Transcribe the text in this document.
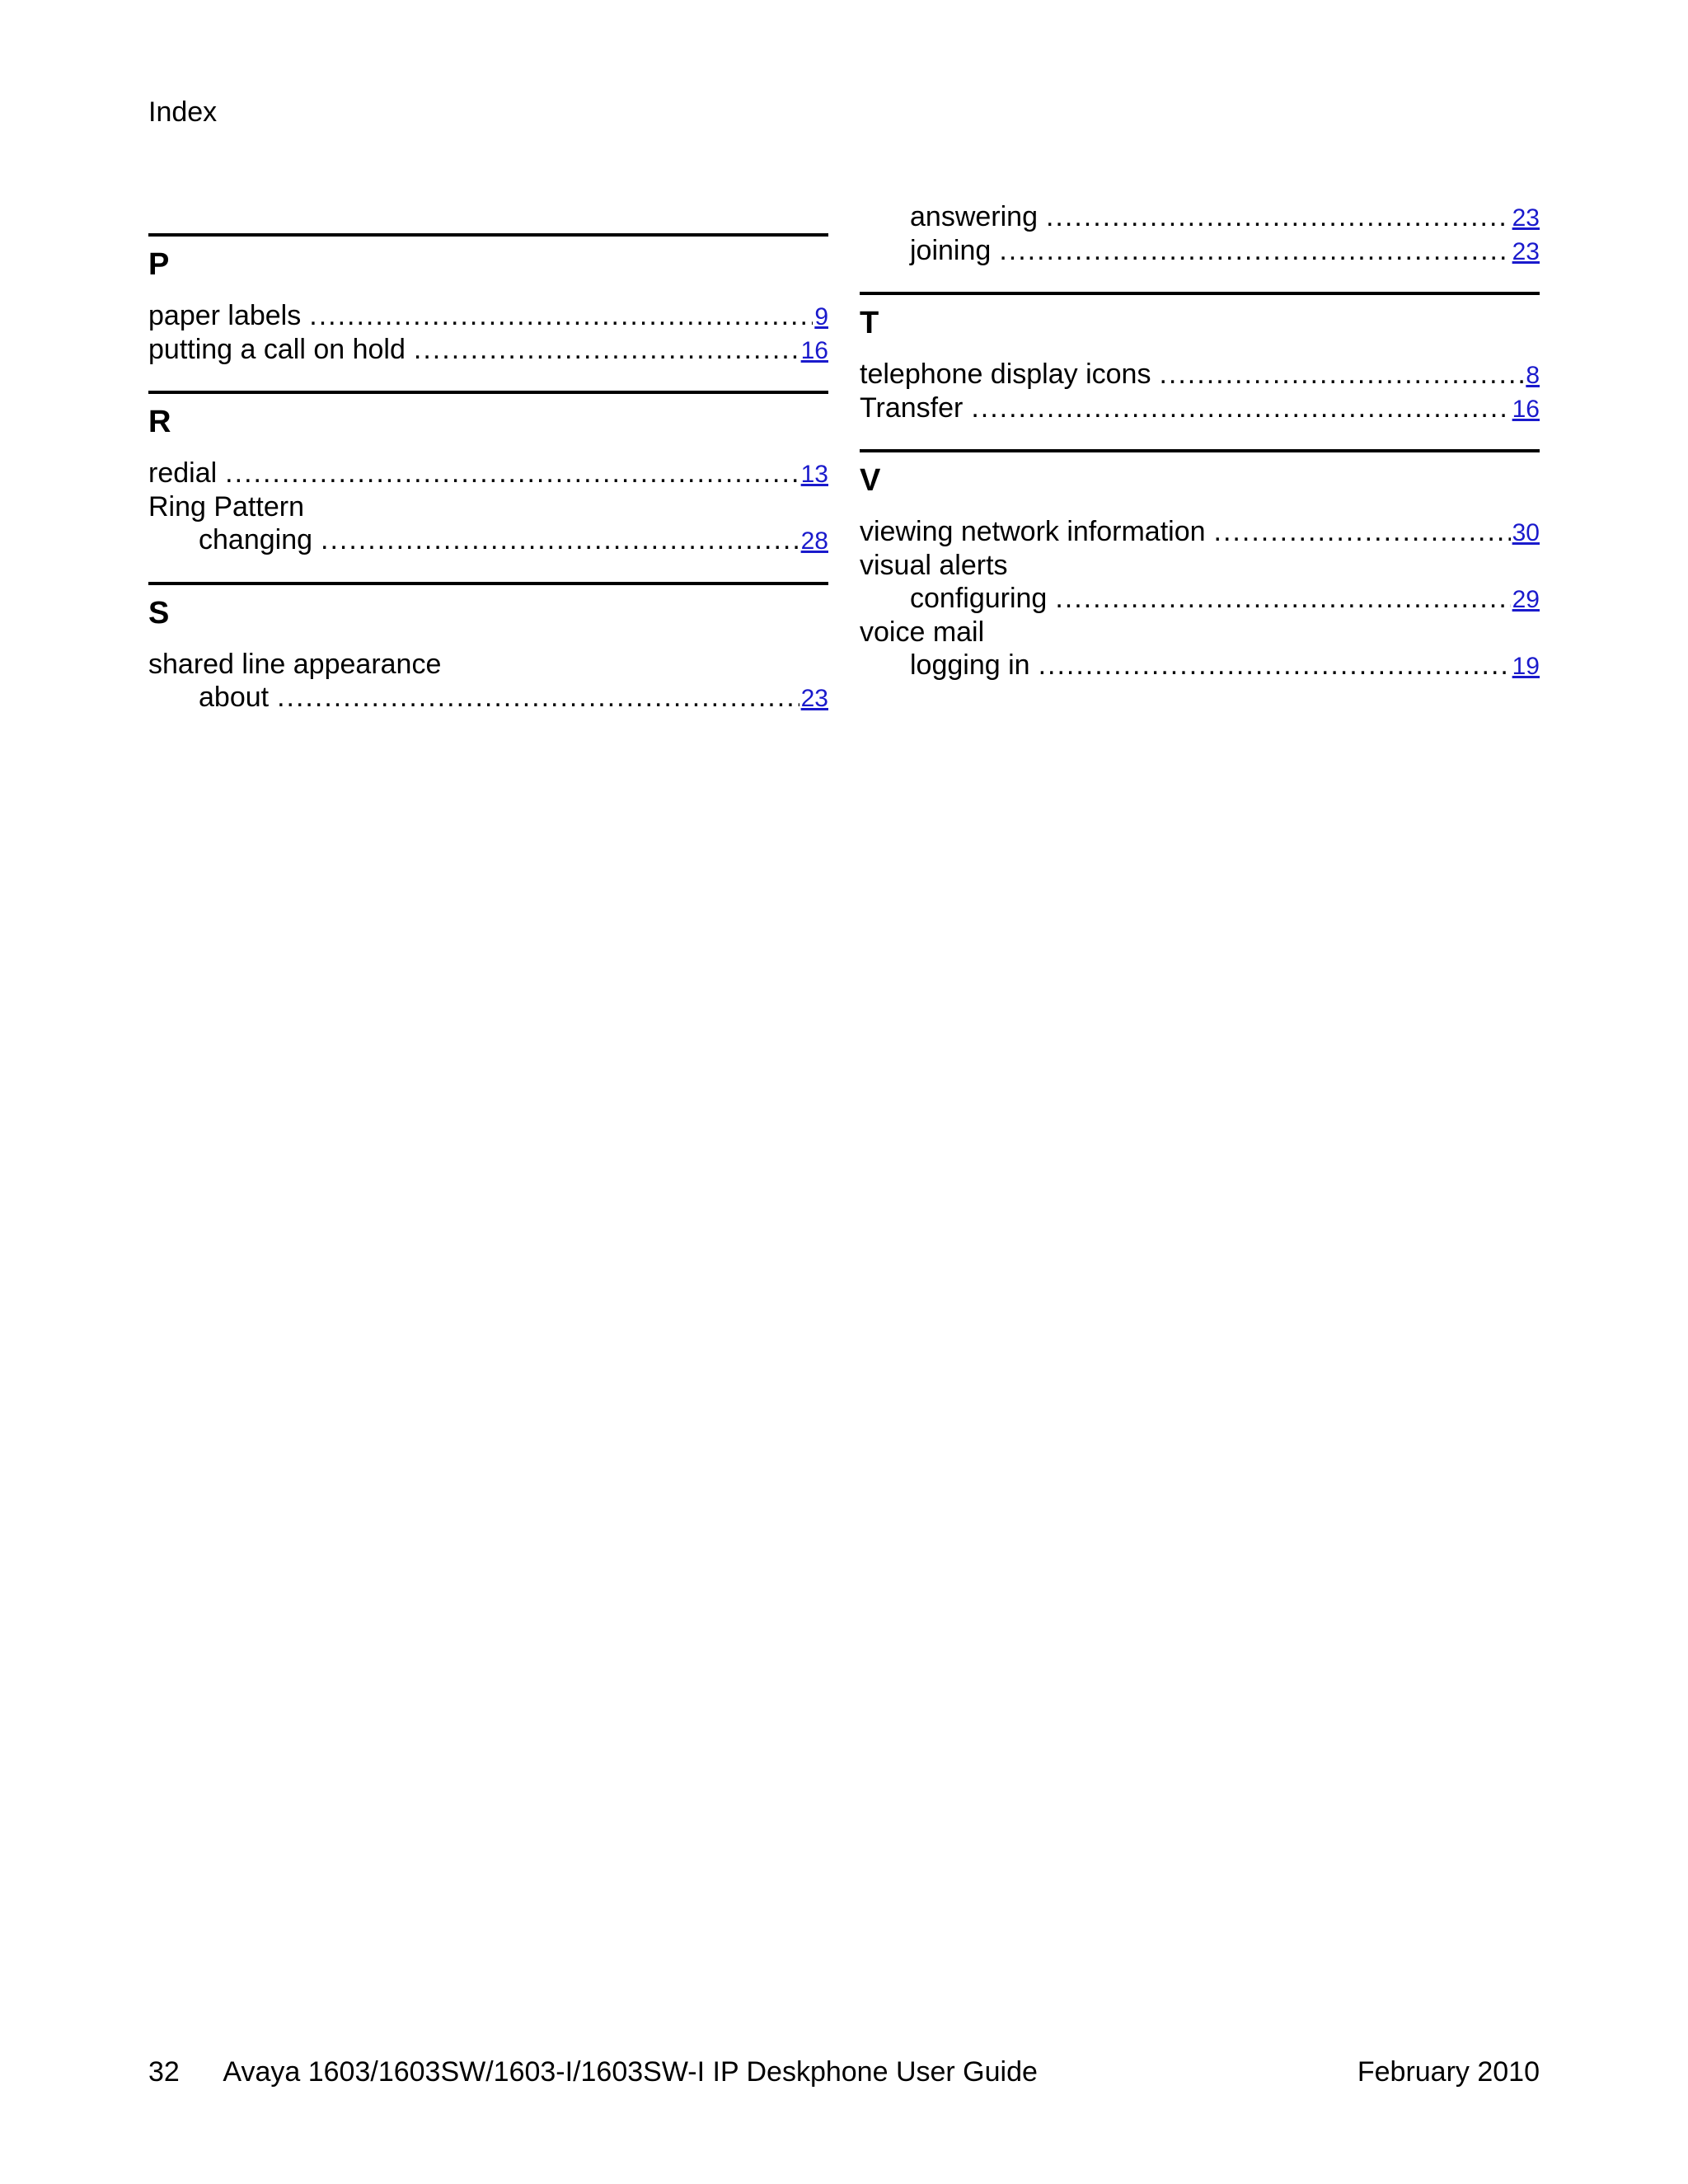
Index
P
paper labels .....	9
putting a call on hold .....	16
R
redial .....	13
Ring Pattern
changing .....	28
S
shared line appearance
about .....	23
answering .....	23
joining .....	23
T
telephone display icons .....	8
Transfer .....	16
V
viewing network information .....	30
visual alerts
configuring .....	29
voice mail
logging in .....	19
32 Avaya 1603/1603SW/1603-I/1603SW-I IP Deskphone User Guide	February 2010
